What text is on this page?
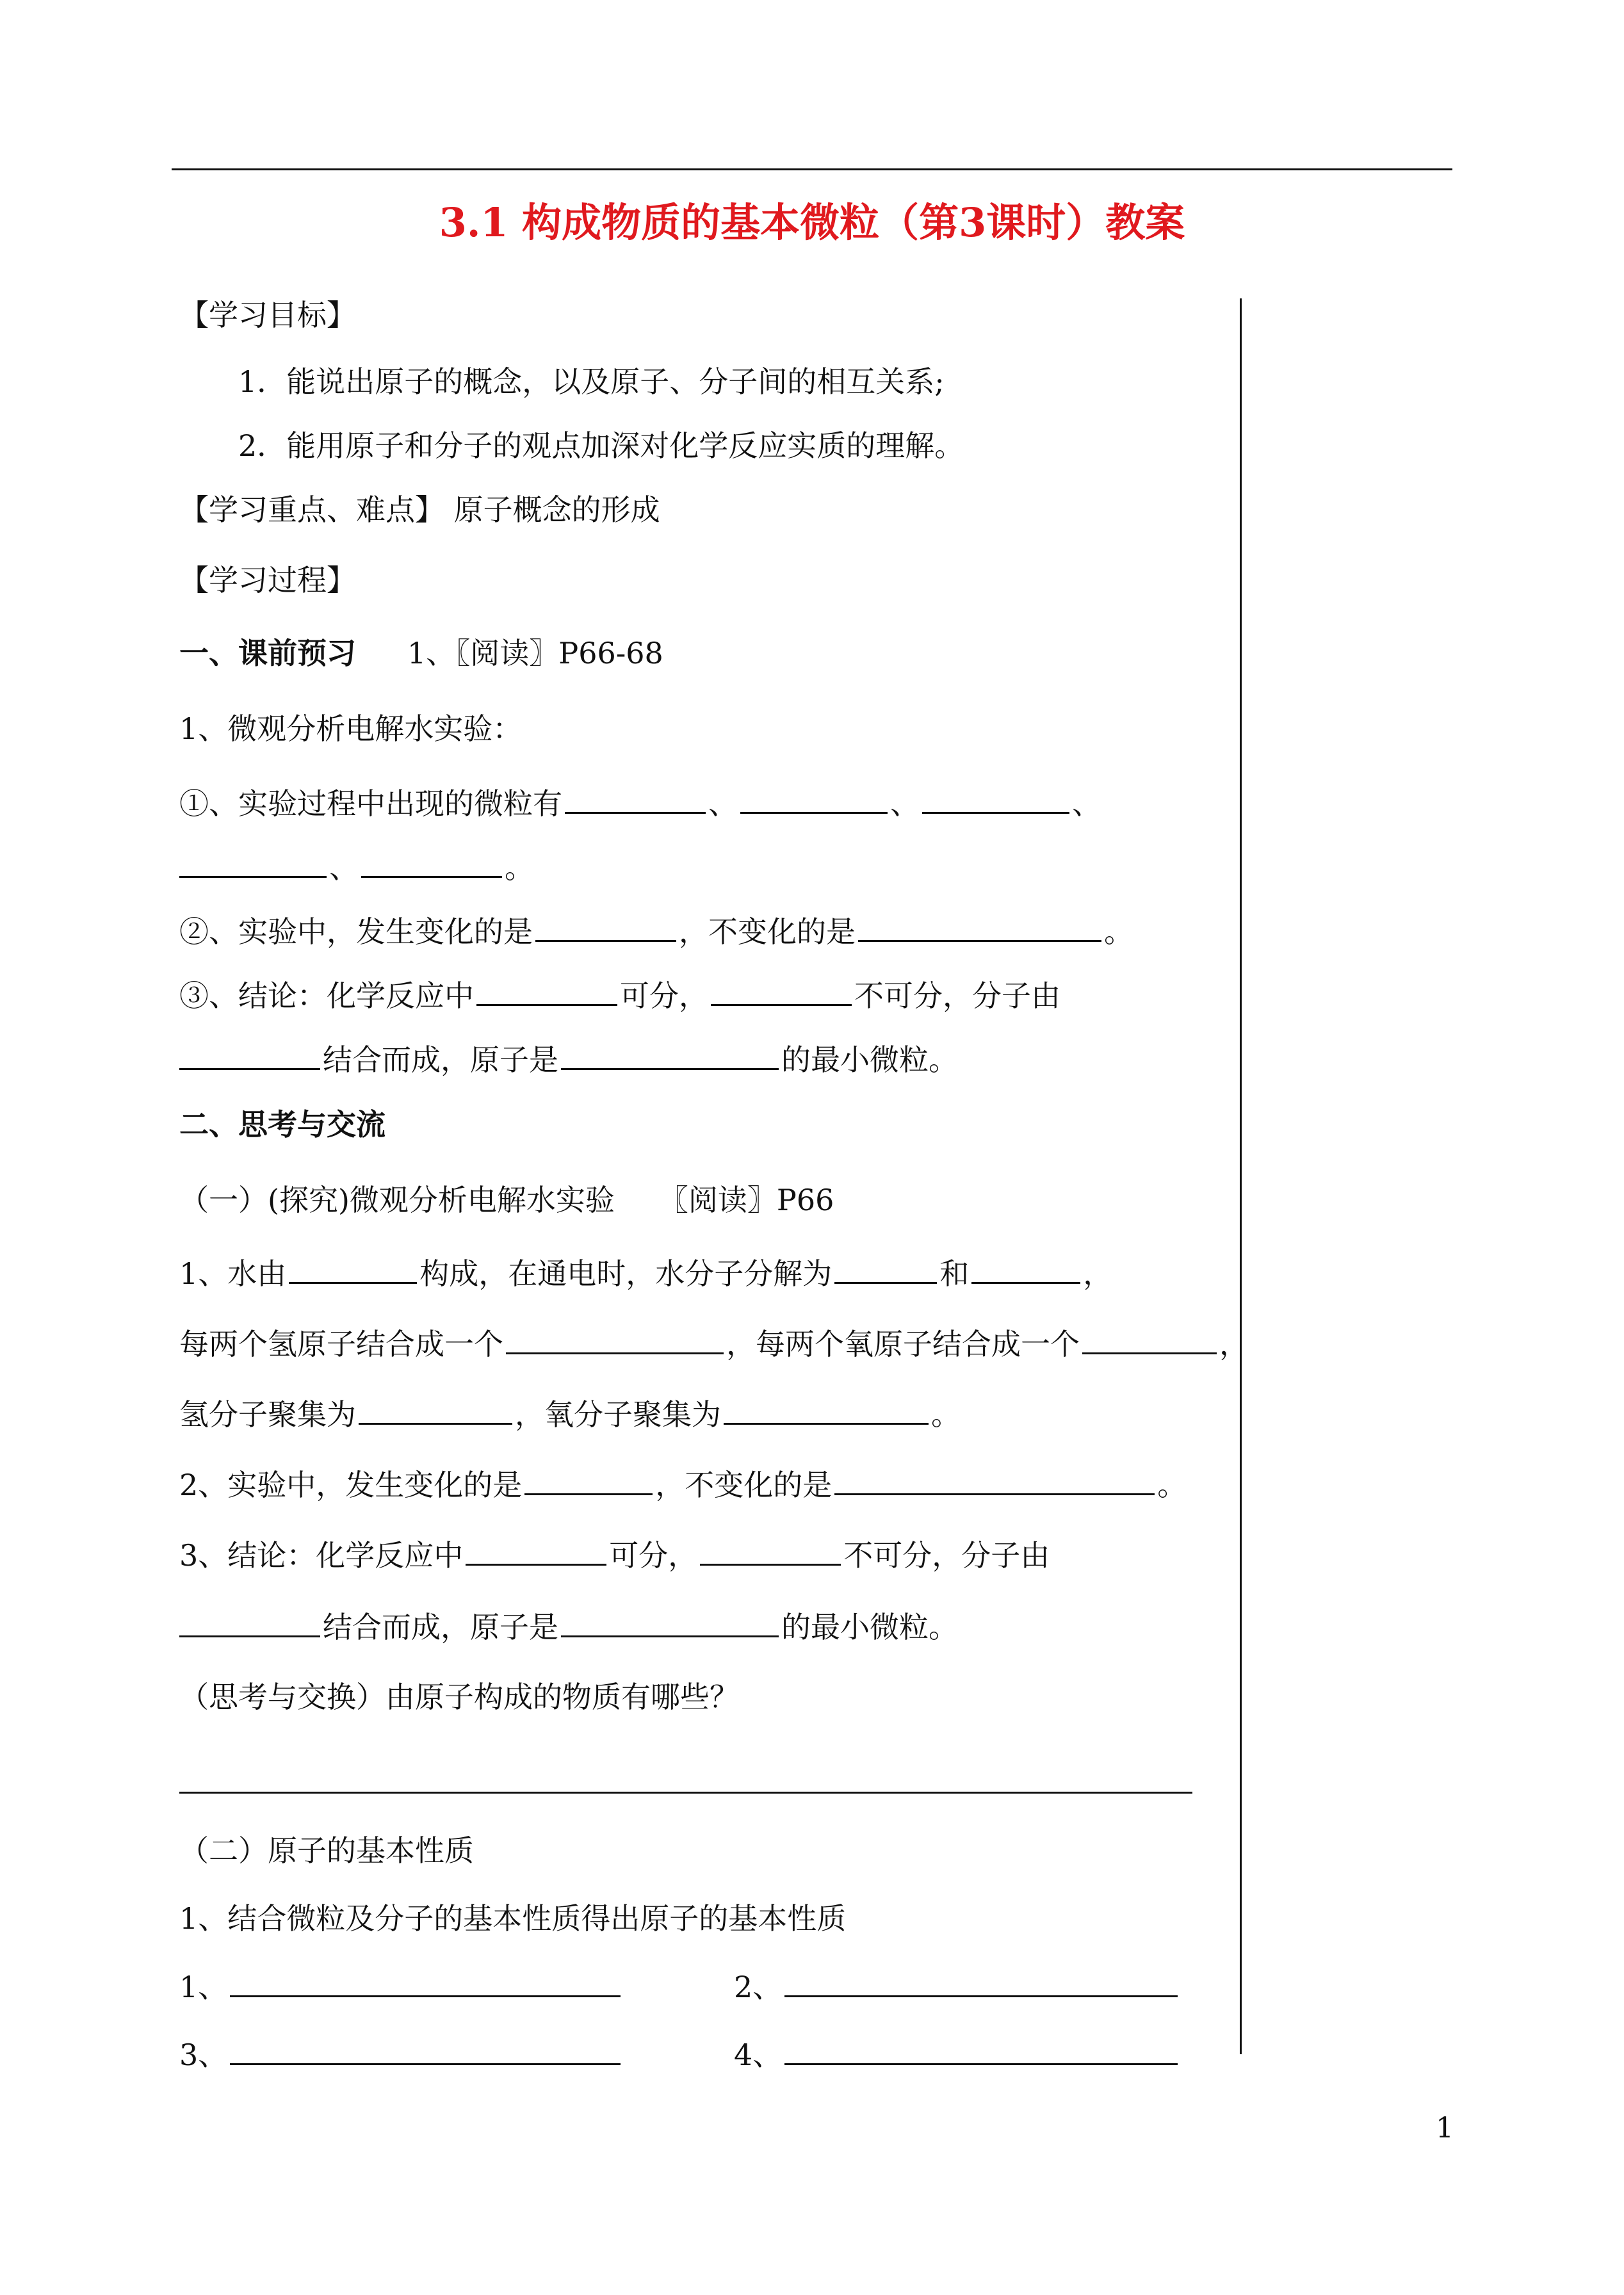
3.1 构成物质的基本微粒（第3课时）教案
【学习目标】
1．能说出原子的概念，以及原子、分子间的相互关系;
2．能用原子和分子的观点加深对化学反应实质的理解。
【学习重点、难点】 原子概念的形成
【学习过程】
一、课前预习 1、〖阅读〗P66-68
1、微观分析电解水实验：
①、实验过程中出现的微粒有	、	、	、
、	。
②、实验中，发生变化的是	，不变化的是	。
③、结论：化学反应中	可分，	不可分，分子由
结合而成，原子是	的最小微粒。
二、思考与交流
（一）(探究)微观分析电解水实验　　〖阅读〗P66
1、水由	构成，在通电时，水分子分解为	和	，
每两个氢原子结合成一个	，每两个氧原子结合成一个	，
氢分子聚集为	，氧分子聚集为	。
2、实验中，发生变化的是	，不变化的是	。
3、结论：化学反应中	可分，	不可分，分子由
结合而成，原子是	的最小微粒。
（思考与交换）由原子构成的物质有哪些？
（二）原子的基本性质
1、结合微粒及分子的基本性质得出原子的基本性质
1、	2、
3、	4、
1
